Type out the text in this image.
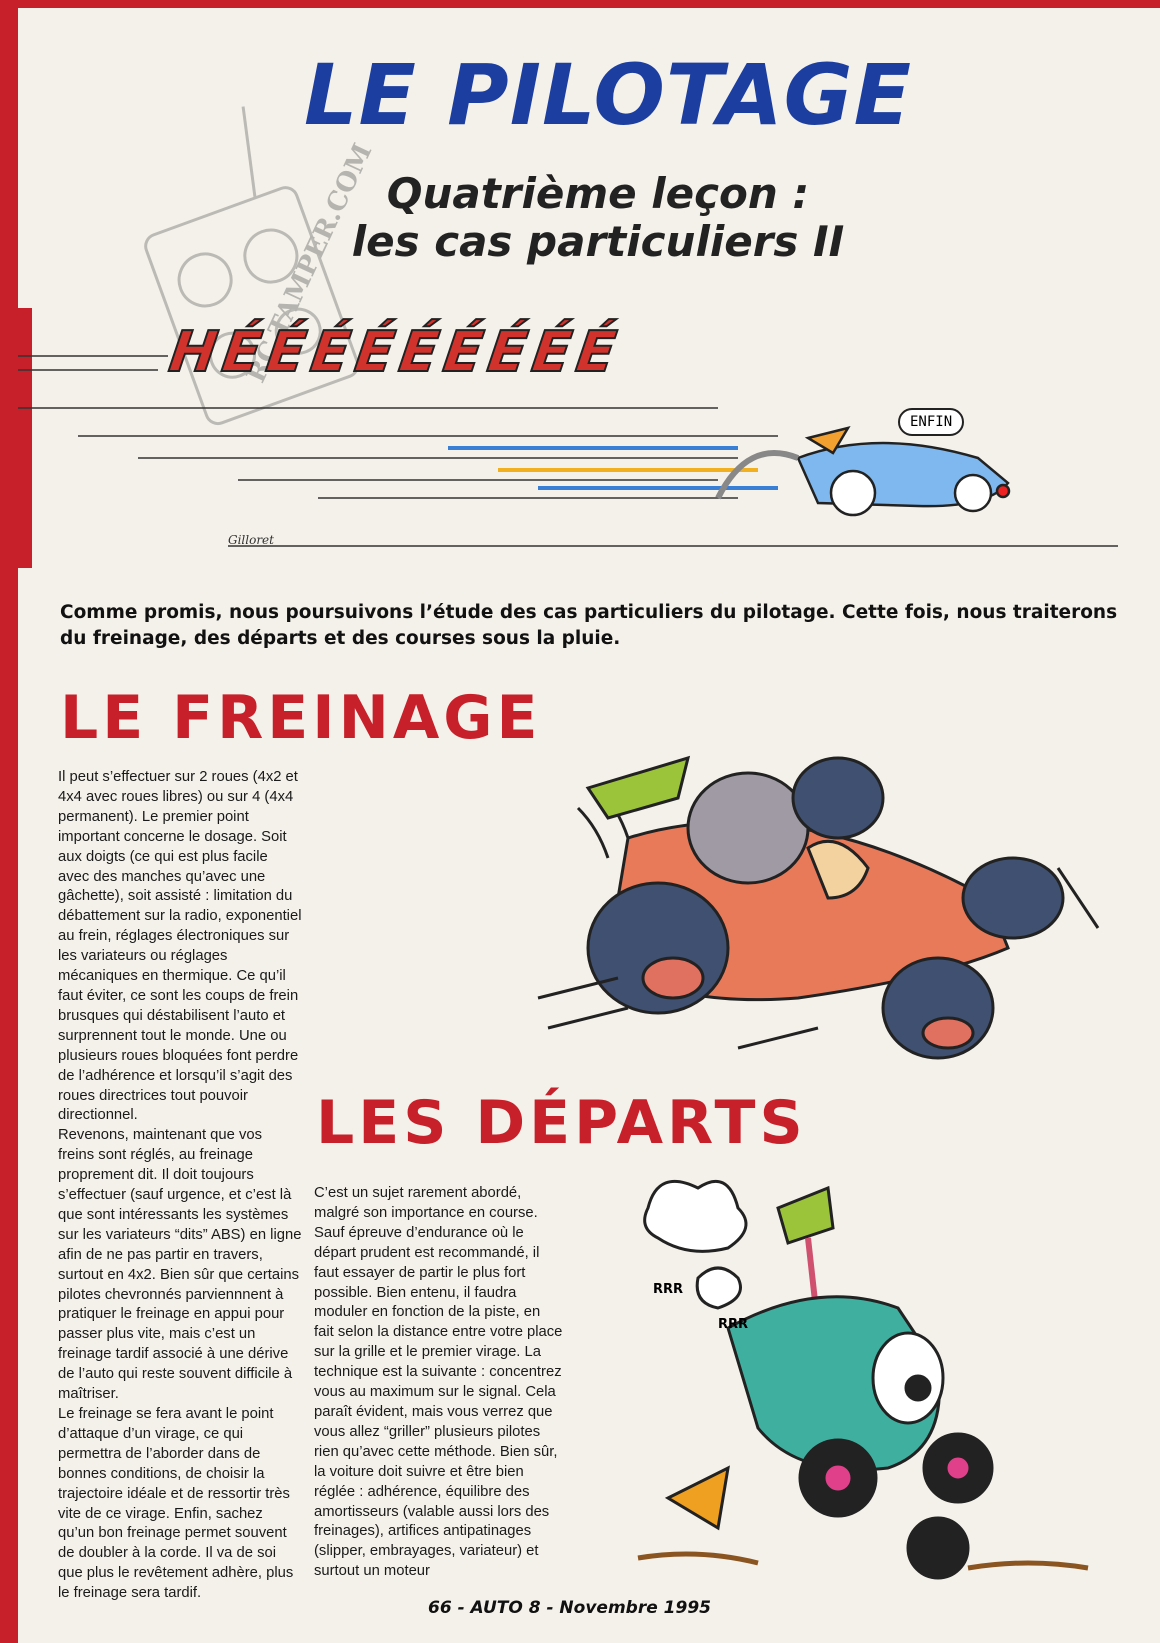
RC.TAMPER.COM
LE PILOTAGE
Quatrième leçon :
les cas particuliers II
HÉÉÉÉÉÉÉÉÉ
ENFIN
Gilloret
Comme promis, nous poursuivons l’étude des cas particuliers du pilotage. Cette fois, nous traiterons du freinage, des départs et des courses sous la pluie.
LE FREINAGE

Il peut s’effectuer sur 2 roues (4x2 et 4x4 avec roues libres) ou sur 4 (4x4 permanent). Le premier point important concerne le dosage. Soit aux doigts (ce qui est plus facile avec des manches qu’avec une gâchette), soit assisté : limitation du débattement sur la radio, exponentiel au frein, réglages électroniques sur les variateurs ou réglages mécaniques en thermique. Ce qu’il faut éviter, ce sont les coups de frein brusques qui déstabilisent l’auto et surprennent tout le monde. Une ou plusieurs roues bloquées font perdre de l’adhérence et lorsqu’il s’agit des roues directrices tout pouvoir directionnel.

Revenons, maintenant que vos freins sont réglés, au freinage proprement dit. Il doit toujours s’effectuer (sauf urgence, et c’est là que sont intéressants les systèmes sur les variateurs “dits” ABS) en ligne afin de ne pas partir en travers, surtout en 4x2. Bien sûr que certains pilotes chevronnés parviennnent à pratiquer le freinage en appui pour passer plus vite, mais c’est un freinage tardif associé à une dérive de l’auto qui reste souvent difficile à maîtriser.

Le freinage se fera avant le point d’attaque d’un virage, ce qui permettra de l’aborder dans de bonnes conditions, de choisir la trajectoire idéale et de ressortir très vite de ce virage. Enfin, sachez qu’un bon freinage permet souvent de doubler à la corde. Il va de soi que plus le revêtement adhère, plus le freinage sera tardif.

LES DÉPARTS

C’est un sujet rarement abordé, malgré son importance en course. Sauf épreuve d’endurance où le départ prudent est recommandé, il faut essayer de partir le plus fort possible. Bien entenu, il faudra moduler en fonction de la piste, en fait selon la distance entre votre place sur la grille et le premier virage. La technique est la suivante : concentrez vous au maximum sur le signal. Cela paraît évident, mais vous verrez que vous allez “griller” plusieurs pilotes rien qu’avec cette méthode. Bien sûr, la voiture doit suivre et être bien réglée : adhérence, équilibre des amortisseurs (valable aussi lors des freinages), artifices antipatinages (slipper, embrayages, variateur) et surtout un moteur

RRR
RRR
66 - AUTO 8 - Novembre 1995
